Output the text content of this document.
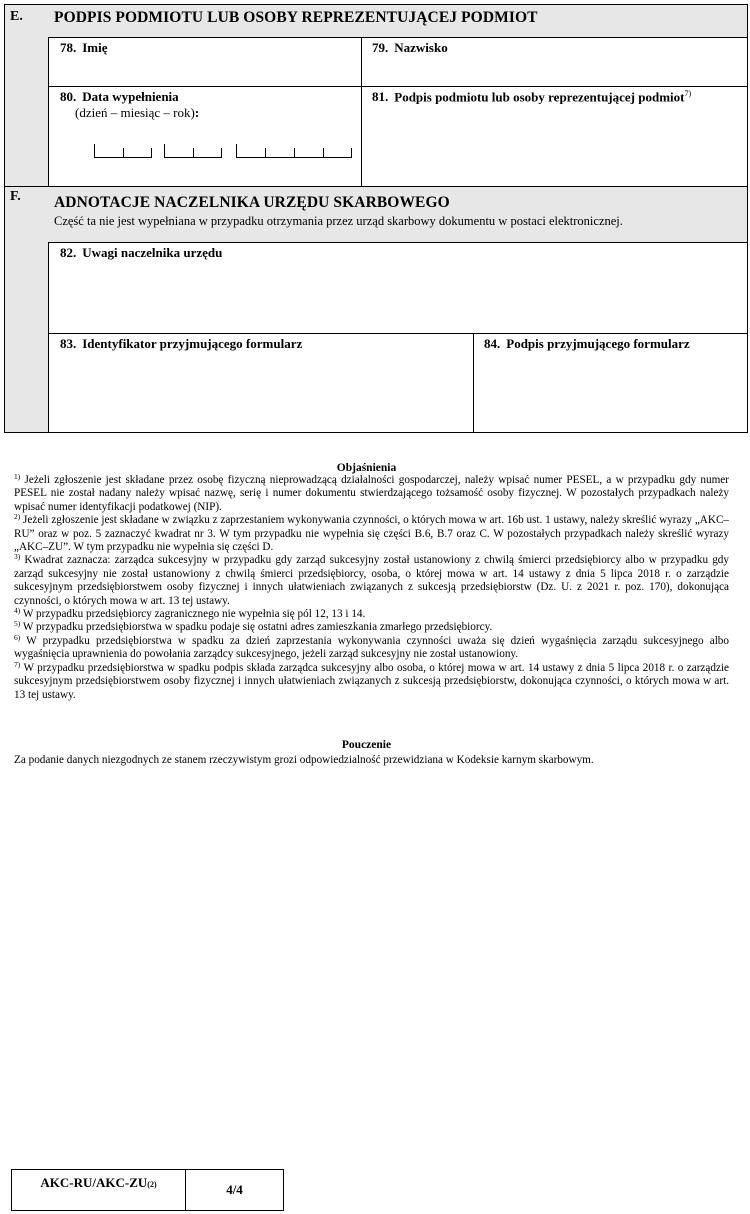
E. PODPIS PODMIOTU LUB OSOBY REPREZENTUJĄCEJ PODMIOT
78. Imię	79. Nazwisko
80. Data wypełnienia
(dzień – miesiąc – rok):
81. Podpis podmiotu lub osoby reprezentującej podmiot$^{7)}$
F. ADNOTACJE NACZELNIKA URZĘDU SKARBOWEGO
Część ta nie jest wypełniana w przypadku otrzymania przez urząd skarbowy dokumentu w postaci elektronicznej.
82. Uwagi naczelnika urzędu
83. Identyfikator przyjmującego formularz	84. Podpis przyjmującego formularz
Objaśnienia

$^{1)}$ Jeżeli zgłoszenie jest składane przez osobę fizyczną nieprowadzącą działalności gospodarczej, należy wpisać numer PESEL, a w przypadku gdy numer PESEL nie został nadany należy wpisać nazwę, serię i numer dokumentu stwierdzającego tożsamość osoby fizycznej. W pozostałych przypadkach należy wpisać numer identyfikacji podatkowej (NIP).

$^{2)}$ Jeżeli zgłoszenie jest składane w związku z zaprzestaniem wykonywania czynności, o których mowa w art. 16b ust. 1 ustawy, należy skreślić wyrazy „AKC–RU” oraz w poz. 5 zaznaczyć kwadrat nr 3. W tym przypadku nie wypełnia się części B.6, B.7 oraz C. W pozostałych przypadkach należy skreślić wyrazy „AKC–ZU”. W tym przypadku nie wypełnia się części D.

$^{3)}$ Kwadrat zaznacza: zarządca sukcesyjny w przypadku gdy zarząd sukcesyjny został ustanowiony z chwilą śmierci przedsiębiorcy albo w przypadku gdy zarząd sukcesyjny nie został ustanowiony z chwilą śmierci przedsiębiorcy, osoba, o której mowa w art. 14 ustawy z dnia 5 lipca 2018 r. o zarządzie sukcesyjnym przedsiębiorstwem osoby fizycznej i innych ułatwieniach związanych z sukcesją przedsiębiorstw (Dz. U. z 2021 r. poz. 170), dokonująca czynności, o których mowa w art. 13 tej ustawy.

$^{4)}$ W przypadku przedsiębiorcy zagranicznego nie wypełnia się pól 12, 13 i 14.

$^{5)}$ W przypadku przedsiębiorstwa w spadku podaje się ostatni adres zamieszkania zmarłego przedsiębiorcy.

$^{6)}$ W przypadku przedsiębiorstwa w spadku za dzień zaprzestania wykonywania czynności uważa się dzień wygaśnięcia zarządu sukcesyjnego albo wygaśnięcia uprawnienia do powołania zarządcy sukcesyjnego, jeżeli zarząd sukcesyjny nie został ustanowiony.

$^{7)}$ W przypadku przedsiębiorstwa w spadku podpis składa zarządca sukcesyjny albo osoba, o której mowa w art. 14 ustawy z dnia 5 lipca 2018 r. o zarządzie sukcesyjnym przedsiębiorstwem osoby fizycznej i innych ułatwieniach związanych z sukcesją przedsiębiorstw, dokonująca czynności, o których mowa w art. 13 tej ustawy.

Pouczenie
Za podanie danych niezgodnych ze stanem rzeczywistym grozi odpowiedzialność przewidziana w Kodeksie karnym skarbowym.
AKC-RU/AKC-ZU(2)	4/4
